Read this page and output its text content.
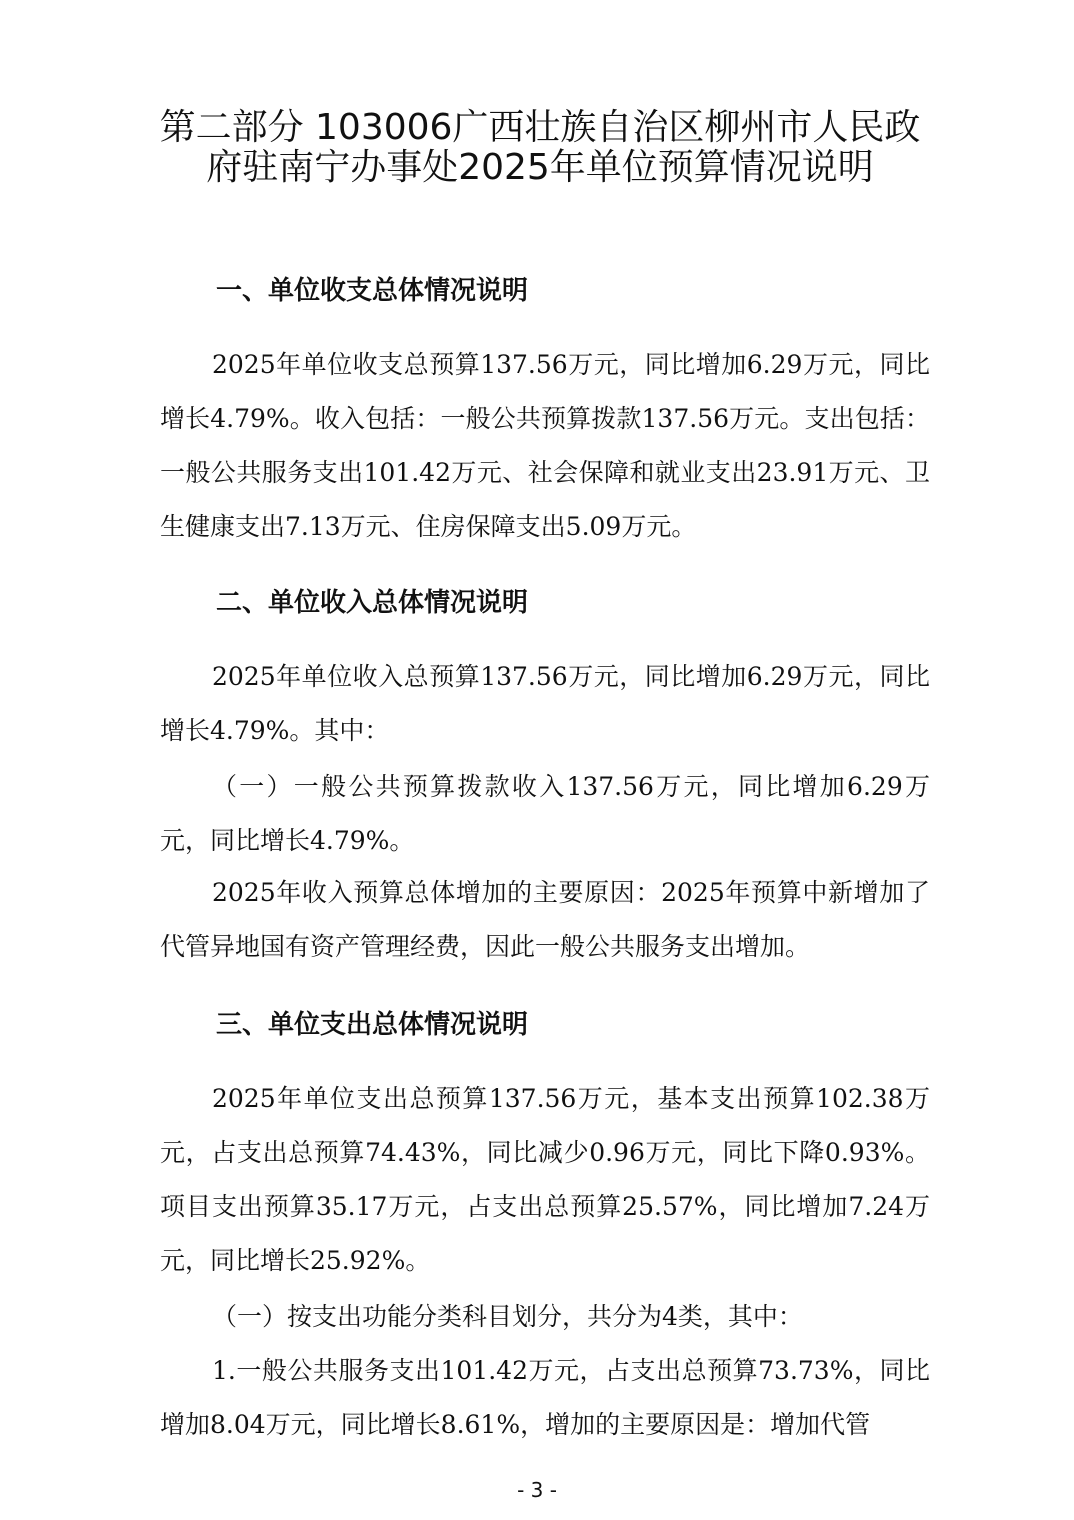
第二部分 103006广西壮族自治区柳州市人民政府驻南宁办事处2025年单位预算情况说明
一、单位收支总体情况说明

2025年单位收支总预算137.56万元，同比增加6.29万元，同比增长4.79%。收入包括：一般公共预算拨款137.56万元。支出包括：一般公共服务支出101.42万元、社会保障和就业支出23.91万元、卫生健康支出7.13万元、住房保障支出5.09万元。

二、单位收入总体情况说明

2025年单位收入总预算137.56万元，同比增加6.29万元，同比增长4.79%。其中：

（一）一般公共预算拨款收入137.56万元，同比增加6.29万元，同比增长4.79%。

2025年收入预算总体增加的主要原因：2025年预算中新增加了代管异地国有资产管理经费，因此一般公共服务支出增加。

三、单位支出总体情况说明

2025年单位支出总预算137.56万元，基本支出预算102.38万元，占支出总预算74.43%，同比减少0.96万元，同比下降0.93%。项目支出预算35.17万元，占支出总预算25.57%，同比增加7.24万元，同比增长25.92%。

（一）按支出功能分类科目划分，共分为4类，其中：

1.一般公共服务支出101.42万元，占支出总预算73.73%，同比增加8.04万元，同比增长8.61%，增加的主要原因是：增加代管

- 3 -
